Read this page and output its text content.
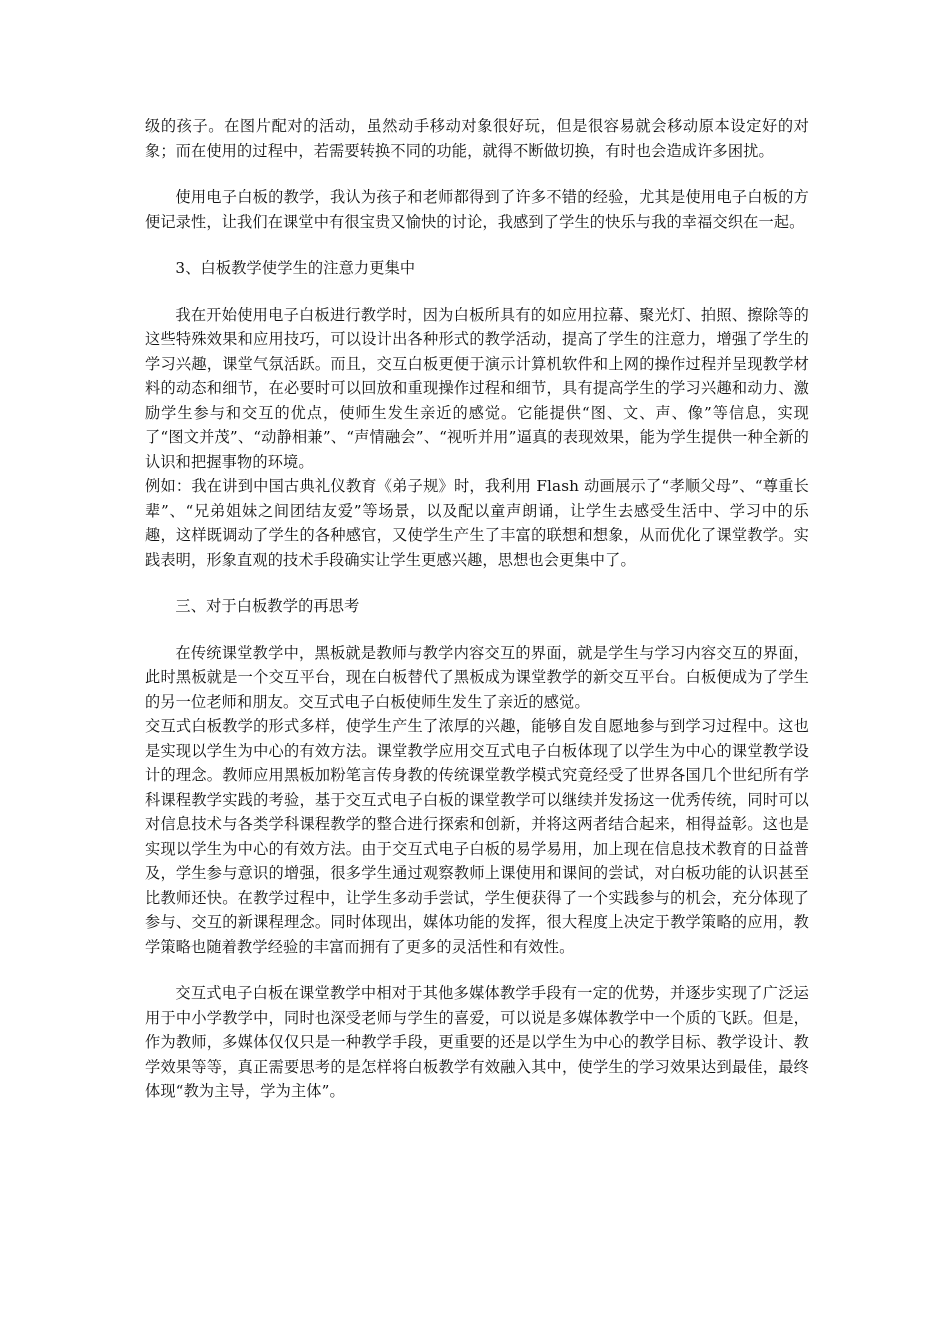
级的孩子。在图片配对的活动，虽然动手移动对象很好玩，但是很容易就会移动原本设定好的对象；而在使用的过程中，若需要转换不同的功能，就得不断做切换，有时也会造成许多困扰。

使用电子白板的教学，我认为孩子和老师都得到了许多不错的经验，尤其是使用电子白板的方便记录性，让我们在课堂中有很宝贵又愉快的讨论，我感到了学生的快乐与我的幸福交织在一起。

3、白板教学使学生的注意力更集中

我在开始使用电子白板进行教学时，因为白板所具有的如应用拉幕、聚光灯、拍照、擦除等的这些特殊效果和应用技巧，可以设计出各种形式的教学活动，提高了学生的注意力，增强了学生的学习兴趣，课堂气氛活跃。而且，交互白板更便于演示计算机软件和上网的操作过程并呈现教学材料的动态和细节，在必要时可以回放和重现操作过程和细节，具有提高学生的学习兴趣和动力、激励学生参与和交互的优点，使师生发生亲近的感觉。它能提供“图、文、声、像”等信息，实现了“图文并茂”、“动静相兼”、“声情融会”、“视听并用”逼真的表现效果，能为学生提供一种全新的认识和把握事物的环境。

例如：我在讲到中国古典礼仪教育《弟子规》时，我利用 Flash 动画展示了“孝顺父母”、“尊重长辈”、“兄弟姐妹之间团结友爱”等场景，以及配以童声朗诵，让学生去感受生活中、学习中的乐趣，这样既调动了学生的各种感官，又使学生产生了丰富的联想和想象，从而优化了课堂教学。实践表明，形象直观的技术手段确实让学生更感兴趣，思想也会更集中了。

三、对于白板教学的再思考

在传统课堂教学中，黑板就是教师与教学内容交互的界面，就是学生与学习内容交互的界面，此时黑板就是一个交互平台，现在白板替代了黑板成为课堂教学的新交互平台。白板便成为了学生的另一位老师和朋友。交互式电子白板使师生发生了亲近的感觉。

交互式白板教学的形式多样，使学生产生了浓厚的兴趣，能够自发自愿地参与到学习过程中。这也是实现以学生为中心的有效方法。课堂教学应用交互式电子白板体现了以学生为中心的课堂教学设计的理念。教师应用黑板加粉笔言传身教的传统课堂教学模式究竟经受了世界各国几个世纪所有学科课程教学实践的考验，基于交互式电子白板的课堂教学可以继续并发扬这一优秀传统，同时可以对信息技术与各类学科课程教学的整合进行探索和创新，并将这两者结合起来，相得益彰。这也是实现以学生为中心的有效方法。由于交互式电子白板的易学易用，加上现在信息技术教育的日益普及，学生参与意识的增强，很多学生通过观察教师上课使用和课间的尝试，对白板功能的认识甚至比教师还快。在教学过程中，让学生多动手尝试，学生便获得了一个实践参与的机会，充分体现了参与、交互的新课程理念。同时体现出，媒体功能的发挥，很大程度上决定于教学策略的应用，教学策略也随着教学经验的丰富而拥有了更多的灵活性和有效性。

交互式电子白板在课堂教学中相对于其他多媒体教学手段有一定的优势，并逐步实现了广泛运用于中小学教学中，同时也深受老师与学生的喜爱，可以说是多媒体教学中一个质的飞跃。但是，作为教师，多媒体仅仅只是一种教学手段，更重要的还是以学生为中心的教学目标、教学设计、教学效果等等，真正需要思考的是怎样将白板教学有效融入其中，使学生的学习效果达到最佳，最终体现“教为主导，学为主体”。
